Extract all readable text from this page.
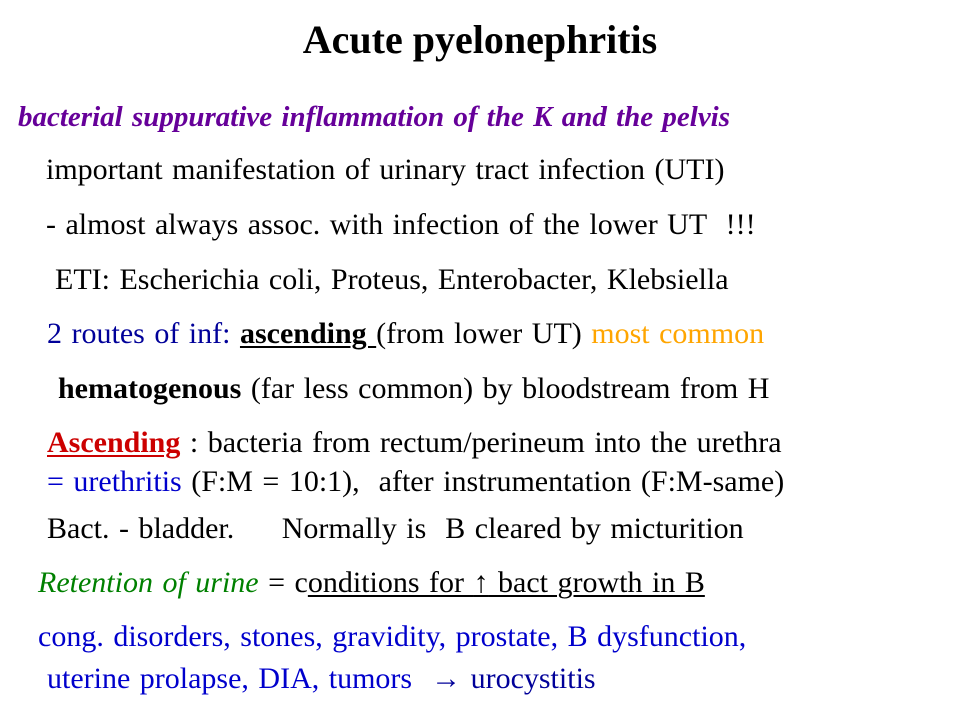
Acute pyelonephritis
bacterial suppurative inflammation of the K and the pelvis
important manifestation of urinary tract infection (UTI)
- almost always assoc. with infection of the lower UT  !!!
ETI: Escherichia coli, Proteus, Enterobacter, Klebsiella
2 routes of inf: ascending (from lower UT) most common
hematogenous (far less common) by bloodstream from H
Ascending : bacteria from rectum/perineum into the urethra
= urethritis (F:M = 10:1),  after instrumentation (F:M-same)
Bact. - bladder.     Normally is  B cleared by micturition
Retention of urine = conditions for ↑ bact growth in B
cong. disorders, stones, gravidity, prostate, B dysfunction,
uterine prolapse, DIA, tumors  → urocystitis
